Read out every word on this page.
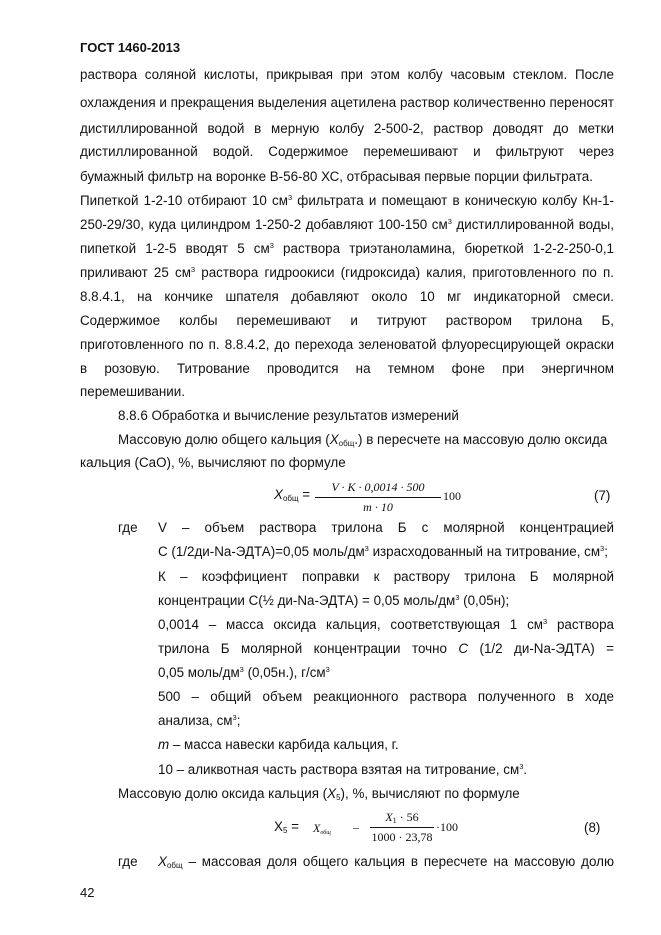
ГОСТ 1460-2013
раствора соляной кислоты, прикрывая при этом колбу часовым стеклом. После
охлаждения и прекращения выделения ацетилена раствор количественно переносят
дистиллированной водой в мерную колбу 2-500-2, раствор доводят до метки
дистиллированной водой. Содержимое перемешивают и фильтруют через
бумажный фильтр на воронке В-56-80 ХС, отбрасывая первые порции фильтрата.
Пипеткой 1-2-10 отбирают 10 $см^3$ фильтрата и помещают в коническую колбу Кн-1-
250-29/30, куда цилиндром 1-250-2 добавляют 100-150 $см^3$ дистиллированной воды,
пипеткой 1-2-5 вводят 5 $см^3$ раствора триэтаноламина, бюреткой 1-2-2-250-0,1
приливают 25 $см^3$ раствора гидроокиси (гидроксида) калия, приготовленного по п.
8.8.4.1, на кончике шпателя добавляют около 10 мг индикаторной смеси.
Содержимое колбы перемешивают и титруют раствором трилона Б,
приготовленного по п. 8.8.4.2, до перехода зеленоватой флуоресцирующей окраски
в розовую. Титрование проводится на темном фоне при энергичном
перемешивании.
8.8.6 Обработка и вычисление результатов измерений
Массовую долю общего кальция $(X_{общ}.)$ в пересчете на массовую долю оксида
кальция (CaO), %, вычисляют по формуле
$X_{общ}$ =	V · K · 0,0014 · 500
m · 10
100	(7)
где V – объем раствора трилона Б с молярной концентрацией
С (1/2ди-Na-ЭДТА)=0,05 моль/$дм^3$ израсходованный на титрование, $см^3$;
К – коэффициент поправки к раствору трилона Б молярной
концентрации С(½ ди-Na-ЭДТА) = 0,05 моль/$дм^3$ (0,05н);
0,0014 – масса оксида кальция, соответствующая 1 $см^3$ раствора
трилона Б молярной концентрации точно С (1/2 ди-Na-ЭДТА) =
0,05 моль/$дм^3$ (0,05н.), $г/см^3$
500 – общий объем реакционного раствора полученного в ходе
анализа, $см^3$;
m – масса навески карбида кальция, г.
10 – аликвотная часть раствора взятая на титрование, $см^3$.
Массовую долю оксида кальция $(X_5)$, %, вычисляют по формуле
$X_5 = X_{общ}$ –
$X_1 \cdot 56$
1000 · 23,78
·100	(8)
где $X_{общ}$ – массовая доля общего кальция в пересчете на массовую долю
42
